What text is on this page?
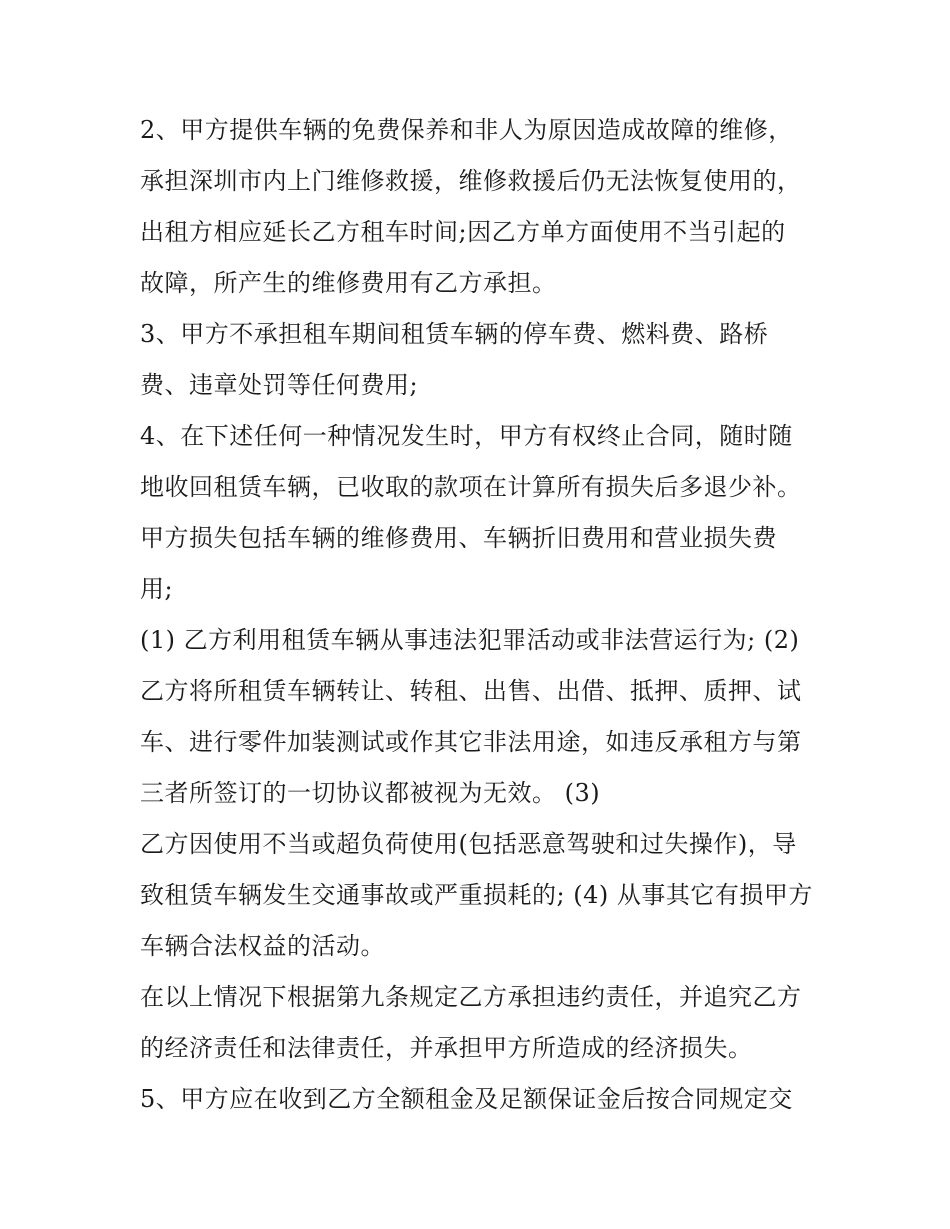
2、甲方提供车辆的免费保养和非人为原因造成故障的维修，
承担深圳市内上门维修救援，维修救援后仍无法恢复使用的，
出租方相应延长乙方租车时间;因乙方单方面使用不当引起的
故障，所产生的维修费用有乙方承担。
3、甲方不承担租车期间租赁车辆的停车费、燃料费、路桥
费、违章处罚等任何费用;
4、在下述任何一种情况发生时，甲方有权终止合同，随时随
地收回租赁车辆，已收取的款项在计算所有损失后多退少补。
甲方损失包括车辆的维修费用、车辆折旧费用和营业损失费
用;
(1) 乙方利用租赁车辆从事违法犯罪活动或非法营运行为; (2)
乙方将所租赁车辆转让、转租、出售、出借、抵押、质押、试
车、进行零件加装测试或作其它非法用途，如违反承租方与第
三者所签订的一切协议都被视为无效。 (3)
乙方因使用不当或超负荷使用(包括恶意驾驶和过失操作)，导
致租赁车辆发生交通事故或严重损耗的; (4) 从事其它有损甲方
车辆合法权益的活动。
在以上情况下根据第九条规定乙方承担违约责任，并追究乙方
的经济责任和法律责任，并承担甲方所造成的经济损失。
5、甲方应在收到乙方全额租金及足额保证金后按合同规定交
